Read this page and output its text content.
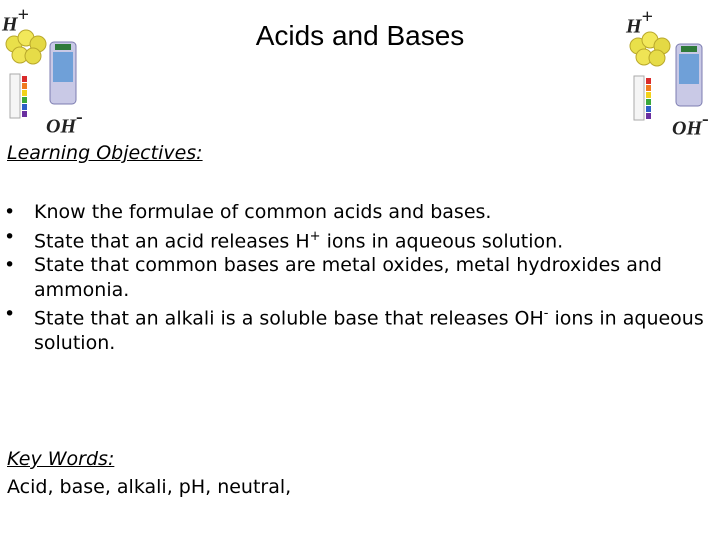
Acids and Bases
H+
OH-
H+
OH-
Learning Objectives:
• Know the formulae of common acids and bases.
• State that an acid releases H+ ions in aqueous solution.
• State that common bases are metal oxides, metal hydroxides and ammonia.
• State that an alkali is a soluble base that releases OH- ions in aqueous solution.
Key Words:
Acid, base, alkali, pH, neutral,
